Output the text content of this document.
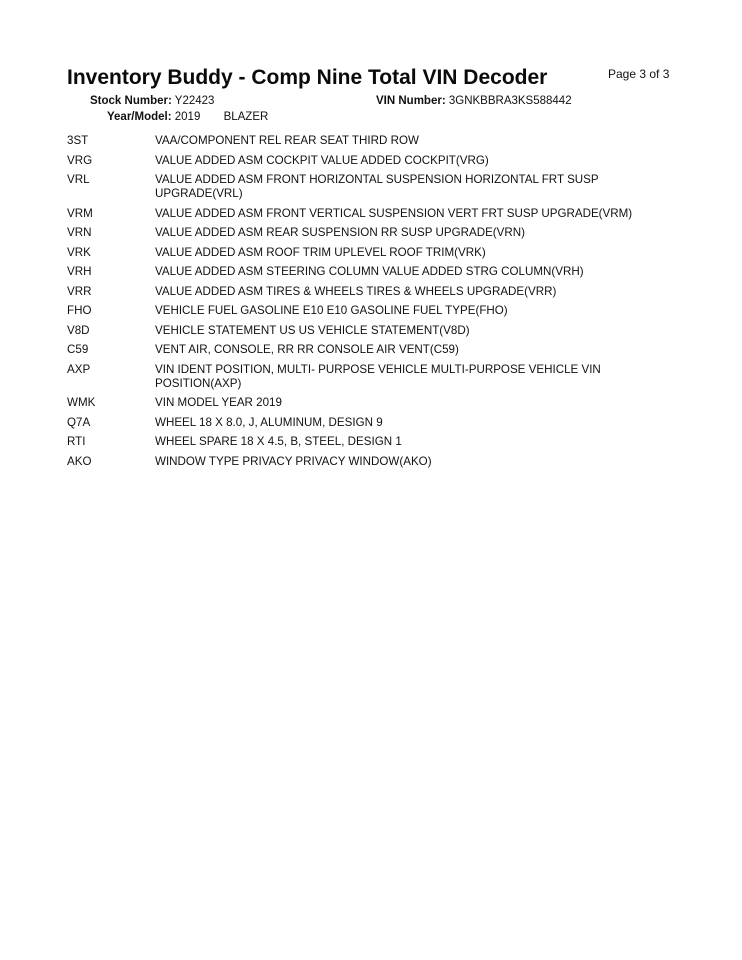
Inventory Buddy - Comp Nine Total VIN Decoder	Page 3 of 3
Stock Number: Y22423	VIN Number: 3GNKBBRA3KS588442
Year/Model: 2019 BLAZER
3ST	VAA/COMPONENT REL REAR SEAT THIRD ROW
VRG	VALUE ADDED ASM COCKPIT VALUE ADDED COCKPIT(VRG)
VRL	VALUE ADDED ASM FRONT HORIZONTAL SUSPENSION HORIZONTAL FRT SUSP UPGRADE(VRL)
VRM	VALUE ADDED ASM FRONT VERTICAL SUSPENSION VERT FRT SUSP UPGRADE(VRM)
VRN	VALUE ADDED ASM REAR SUSPENSION RR SUSP UPGRADE(VRN)
VRK	VALUE ADDED ASM ROOF TRIM UPLEVEL ROOF TRIM(VRK)
VRH	VALUE ADDED ASM STEERING COLUMN VALUE ADDED STRG COLUMN(VRH)
VRR	VALUE ADDED ASM TIRES & WHEELS TIRES & WHEELS UPGRADE(VRR)
FHO	VEHICLE FUEL GASOLINE E10 E10 GASOLINE FUEL TYPE(FHO)
V8D	VEHICLE STATEMENT US US VEHICLE STATEMENT(V8D)
C59	VENT AIR, CONSOLE, RR RR CONSOLE AIR VENT(C59)
AXP	VIN IDENT POSITION, MULTI- PURPOSE VEHICLE MULTI-PURPOSE VEHICLE VIN POSITION(AXP)
WMK	VIN MODEL YEAR 2019
Q7A	WHEEL 18 X 8.0, J, ALUMINUM, DESIGN 9
RTI	WHEEL SPARE 18 X 4.5, B, STEEL, DESIGN 1
AKO	WINDOW TYPE PRIVACY PRIVACY WINDOW(AKO)
